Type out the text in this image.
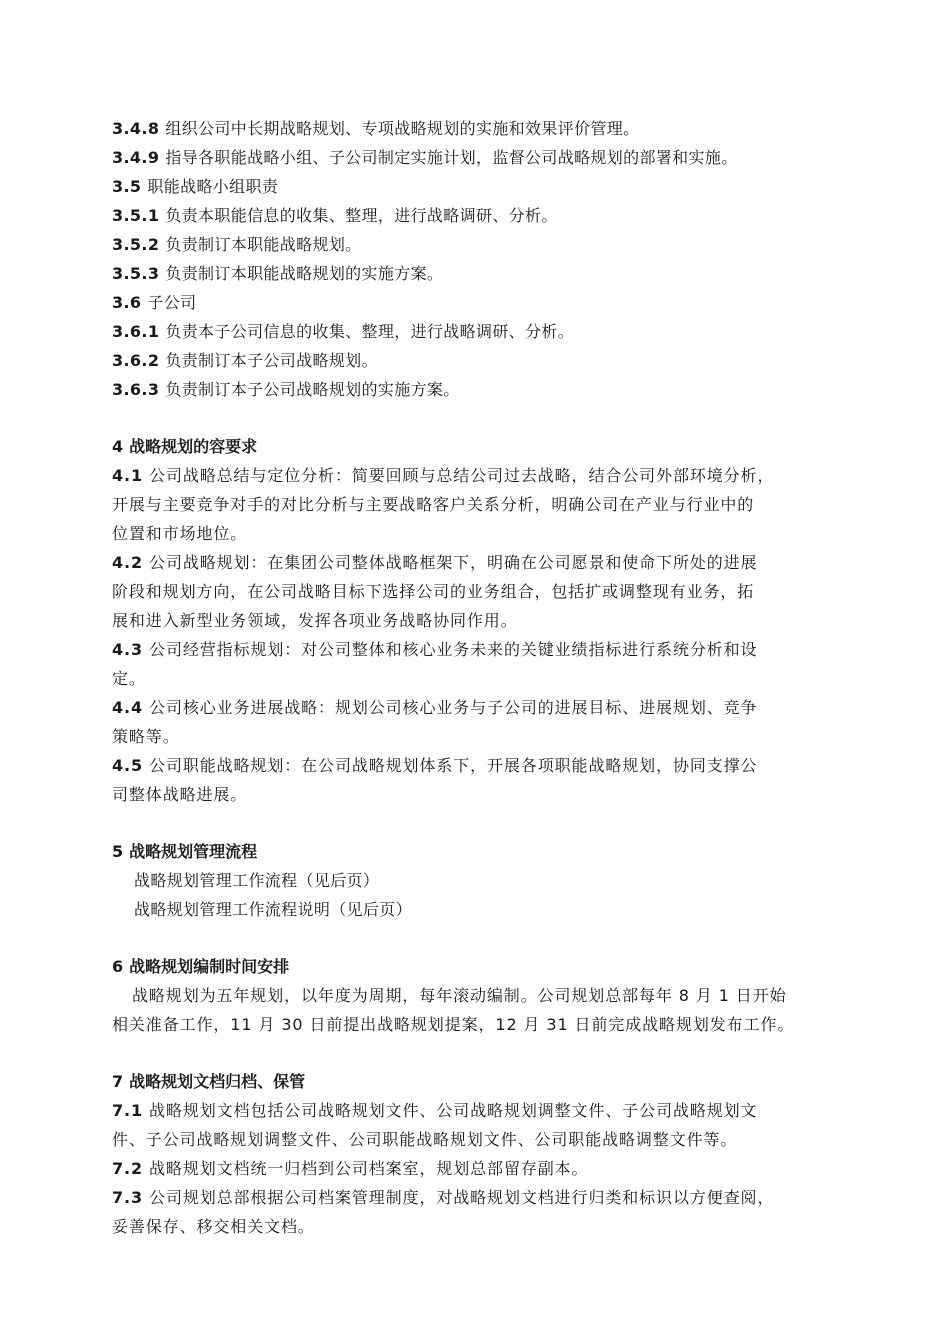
3.4.8 组织公司中长期战略规划、专项战略规划的实施和效果评价管理。
3.4.9 指导各职能战略小组、子公司制定实施计划，监督公司战略规划的部署和实施。
3.5 职能战略小组职责
3.5.1 负责本职能信息的收集、整理，进行战略调研、分析。
3.5.2 负责制订本职能战略规划。
3.5.3 负责制订本职能战略规划的实施方案。
3.6 子公司
3.6.1 负责本子公司信息的收集、整理，进行战略调研、分析。
3.6.2 负责制订本子公司战略规划。
3.6.3 负责制订本子公司战略规划的实施方案。
4 战略规划的容要求
4.1 公司战略总结与定位分析：简要回顾与总结公司过去战略，结合公司外部环境分析，
开展与主要竞争对手的对比分析与主要战略客户关系分析，明确公司在产业与行业中的
位置和市场地位。
4.2 公司战略规划：在集团公司整体战略框架下，明确在公司愿景和使命下所处的进展
阶段和规划方向，在公司战略目标下选择公司的业务组合，包括扩或调整现有业务，拓
展和进入新型业务领域，发挥各项业务战略协同作用。
4.3 公司经营指标规划：对公司整体和核心业务未来的关键业绩指标进行系统分析和设
定。
4.4 公司核心业务进展战略：规划公司核心业务与子公司的进展目标、进展规划、竞争
策略等。
4.5 公司职能战略规划：在公司战略规划体系下，开展各项职能战略规划，协同支撑公
司整体战略进展。
5 战略规划管理流程
战略规划管理工作流程（见后页）
战略规划管理工作流程说明（见后页）
6 战略规划编制时间安排
战略规划为五年规划，以年度为周期，每年滚动编制。公司规划总部每年 8 月 1 日开始
相关准备工作，11 月 30 日前提出战略规划提案，12 月 31 日前完成战略规划发布工作。
7 战略规划文档归档、保管
7.1 战略规划文档包括公司战略规划文件、公司战略规划调整文件、子公司战略规划文
件、子公司战略规划调整文件、公司职能战略规划文件、公司职能战略调整文件等。
7.2 战略规划文档统一归档到公司档案室，规划总部留存副本。
7.3 公司规划总部根据公司档案管理制度，对战略规划文档进行归类和标识以方便查阅，
妥善保存、移交相关文档。
